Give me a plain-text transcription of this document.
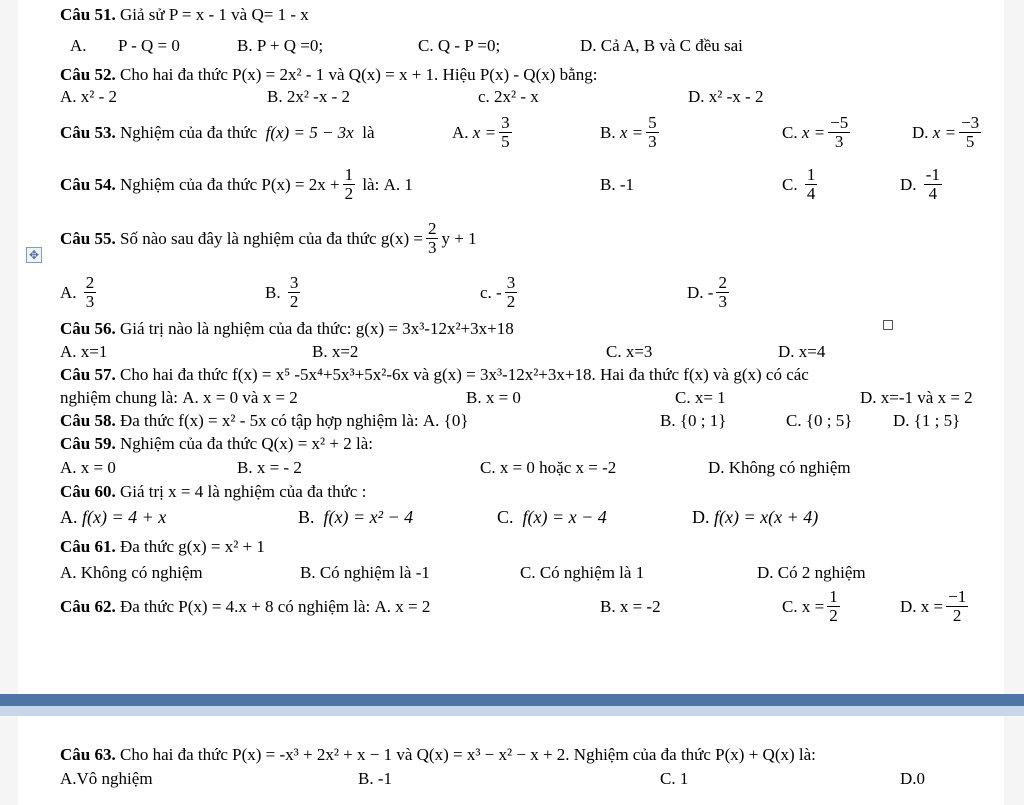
Câu 51.
Giả sử P = x - 1 và Q= 1 - x
A. P - Q = 0	B. P + Q =0;	C. Q - P =0;	D. Cả A, B và C đều sai
Câu 52.
Cho hai đa thức P(x) = 2x² - 1 và Q(x) = x + 1. Hiệu P(x) - Q(x) bằng:
A. x² - 2	B. 2x² -x - 2	c. 2x² - x	D. x² -x - 2
Câu 53.
Nghiệm của đa thức
f(x) = 5 − 3x
là	A.
$x = \frac{3}{5}$	B.
$x = \frac{5}{3}$	C.
$x = \frac{-5}{3}$	D.
$x = \frac{-3}{5}$
Câu 54.
Nghiệm của đa thức $P(x) = 2x + \frac{1}{2}$
là:
A. 1	B. -1	C.
$\frac{1}{4}$	D.
$\frac{-1}{4}$
✥
Câu 55.
Số nào sau đây là nghiệm của đa thức $g(x) = \frac{2}{3}$ y + 1
A.
$\frac{2}{3}$	B.
$\frac{3}{2}$	c. - $\frac{3}{2}$	D. - $\frac{2}{3}$
Câu 56.
Giá trị nào là nghiệm của đa thức: g(x) = 3x³-12x²+3x+18
A. x=1	B. x=2	C. x=3	D. x=4
Câu 57.
Cho hai đa thức f(x) = x⁵ -5x⁴+5x³+5x²-6x và g(x) = 3x³-12x²+3x+18. Hai đa thức f(x) và g(x) có các
nghiệm chung là:
A. x = 0 và x = 2	B. x = 0	C. x= 1	D. x=-1 và x = 2
Câu 58.
Đa thức f(x) = x² - 5x có tập hợp nghiệm là:
A. {0}	B. {0 ; 1}	C. {0 ; 5} D. {1 ; 5}
Câu 59.
Nghiệm của đa thức Q(x) = x² + 2 là:
A. x = 0	B. x = - 2	C. x = 0 hoặc x = -2	D. Không có nghiệm
Câu 60.
Giá trị x = 4 là nghiệm của đa thức :
A.
f(x) = 4 + x	B.
f(x) = x² − 4	C.
f(x) = x − 4	D.
f(x) = x(x + 4)
Câu 61.
Đa thức g(x) = x² + 1
A. Không có nghiệm	B. Có nghiệm là -1	C. Có nghiệm là 1	D. Có 2 nghiệm
Câu 62.
Đa thức P(x) = 4.x + 8 có nghiệm là:
A. x = 2	B. x = -2	C. $x = \frac{1}{2}$	D. $x = \frac{-1}{2}$
Câu 63.
Cho hai đa thức P(x) = -x³ + 2x² + x − 1 và Q(x) = x³ − x² − x + 2. Nghiệm của đa thức P(x) + Q(x) là:
A.Vô nghiệm	B. -1	C. 1	D.0
